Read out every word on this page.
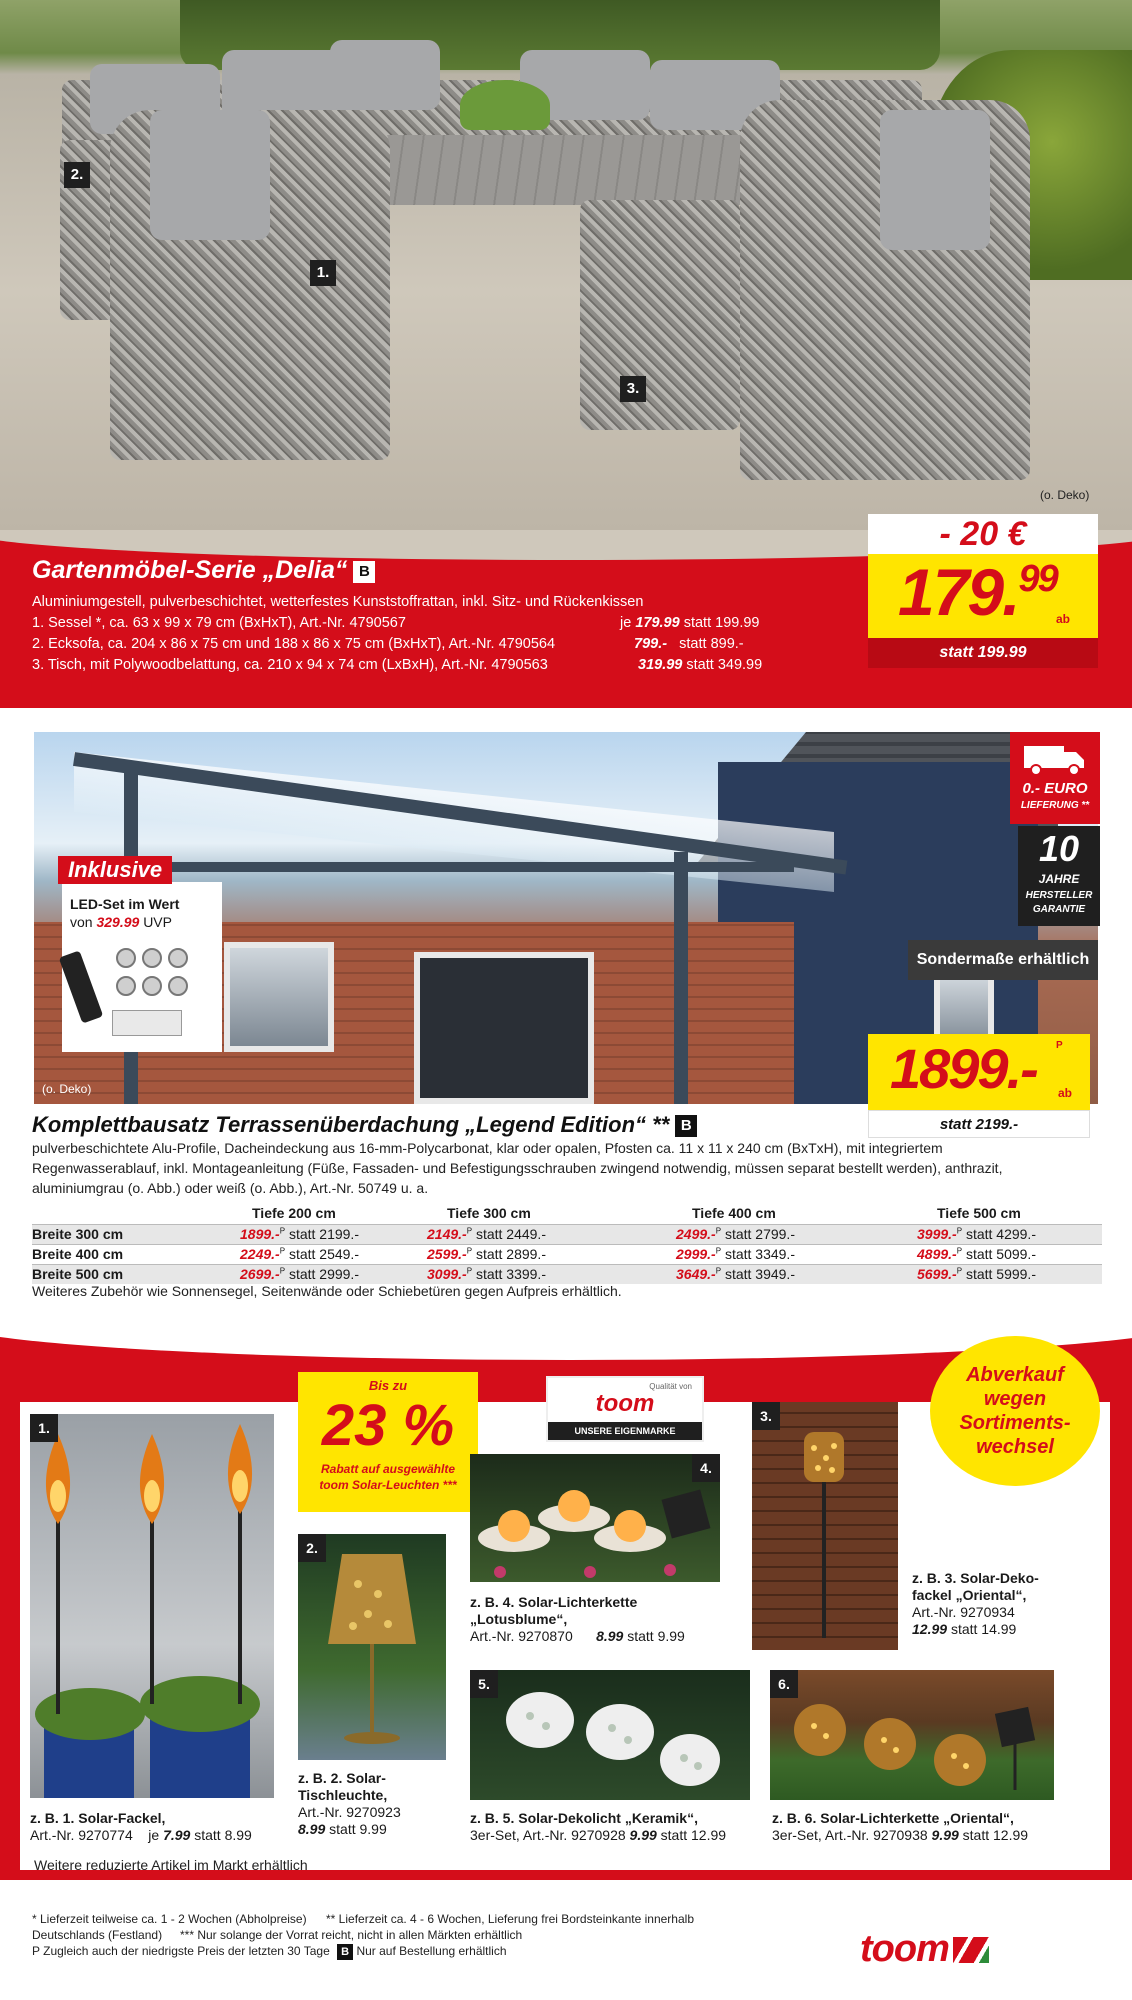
2.
1.
3.
(o. Deko)
Gartenmöbel-Serie „Delia“ B
Aluminiumgestell, pulverbeschichtet, wetterfestes Kunststoffrattan, inkl. Sitz- und Rückenkissen
1. Sessel *, ca. 63 x 99 x 79 cm (BxHxT), Art.-Nr. 4790567	je 179.99 statt 199.99
2. Ecksofa, ca. 204 x 86 x 75 cm und 188 x 86 x 75 cm (BxHxT), Art.-Nr. 4790564	799.- statt 899.-
3. Tisch, mit Polywoodbelattung, ca. 210 x 94 x 74 cm (LxBxH), Art.-Nr. 4790563	319.99 statt 349.99
- 20 €
179.99
ab
statt 199.99
(o. Deko)
Inklusive
LED-Set im Wert
von 329.99 UVP
0.- EURO
LIEFERUNG **
10
JAHRE
HERSTELLER
GARANTIE
Sondermaße erhältlich
1899.- P
ab
statt 2199.-
Komplettbausatz Terrassenüberdachung „Legend Edition“ ** B
pulverbeschichtete Alu-Profile, Dacheindeckung aus 16-mm-Polycarbonat, klar oder opalen, Pfosten ca. 11 x 11 x 240 cm (BxTxH), mit integriertem
Regenwasserablauf, inkl. Montageanleitung (Füße, Fassaden- und Befestigungsschrauben zwingend notwendig, müssen separat bestellt werden), anthrazit,
aluminiumgrau (o. Abb.) oder weiß (o. Abb.), Art.-Nr. 50749 u. a.
	Tiefe 200 cm	Tiefe 300 cm	Tiefe 400 cm	Tiefe 500 cm
Breite 300 cm	1899.-$^P$ statt 2199.-	2149.-$^P$ statt 2449.-	2499.-$^P$ statt 2799.-	3999.-$^P$ statt 4299.-
Breite 400 cm	2249.-$^P$ statt 2549.-	2599.-$^P$ statt 2899.-	2999.-$^P$ statt 3349.-	4899.-$^P$ statt 5099.-
Breite 500 cm	2699.-$^P$ statt 2999.-	3099.-$^P$ statt 3399.-	3649.-$^P$ statt 3949.-	5699.-$^P$ statt 5999.-
Weiteres Zubehör wie Sonnensegel, Seitenwände oder Schiebetüren gegen Aufpreis erhältlich.
Bis zu
23 %
Rabatt auf ausgewählte
toom Solar-Leuchten ***
Qualität von
toom
UNSERE EIGENMARKE
Abverkauf
wegen
Sortiments-
wechsel
1.
z. B. 1. Solar-Fackel,
Art.-Nr. 9270774 je 7.99 statt 8.99
2.
z. B. 2. Solar-
Tischleuchte,
Art.-Nr. 9270923
8.99 statt 9.99
4.
z. B. 4. Solar-Lichterkette
„Lotusblume“,
Art.-Nr. 9270870 8.99 statt 9.99
3.
z. B. 3. Solar-Deko-
fackel „Oriental“,
Art.-Nr. 9270934
12.99 statt 14.99
5.
z. B. 5. Solar-Dekolicht „Keramik“,
3er-Set, Art.-Nr. 9270928 9.99 statt 12.99
6.
z. B. 6. Solar-Lichterkette „Oriental“,
3er-Set, Art.-Nr. 9270938 9.99 statt 12.99
Weitere reduzierte Artikel im Markt erhältlich
* Lieferzeit teilweise ca. 1 - 2 Wochen (Abholpreise) ** Lieferzeit ca. 4 - 6 Wochen, Lieferung frei Bordsteinkante innerhalb
Deutschlands (Festland) *** Nur solange der Vorrat reicht, nicht in allen Märkten erhältlich
P Zugleich auch der niedrigste Preis der letzten 30 Tage B Nur auf Bestellung erhältlich	toom
